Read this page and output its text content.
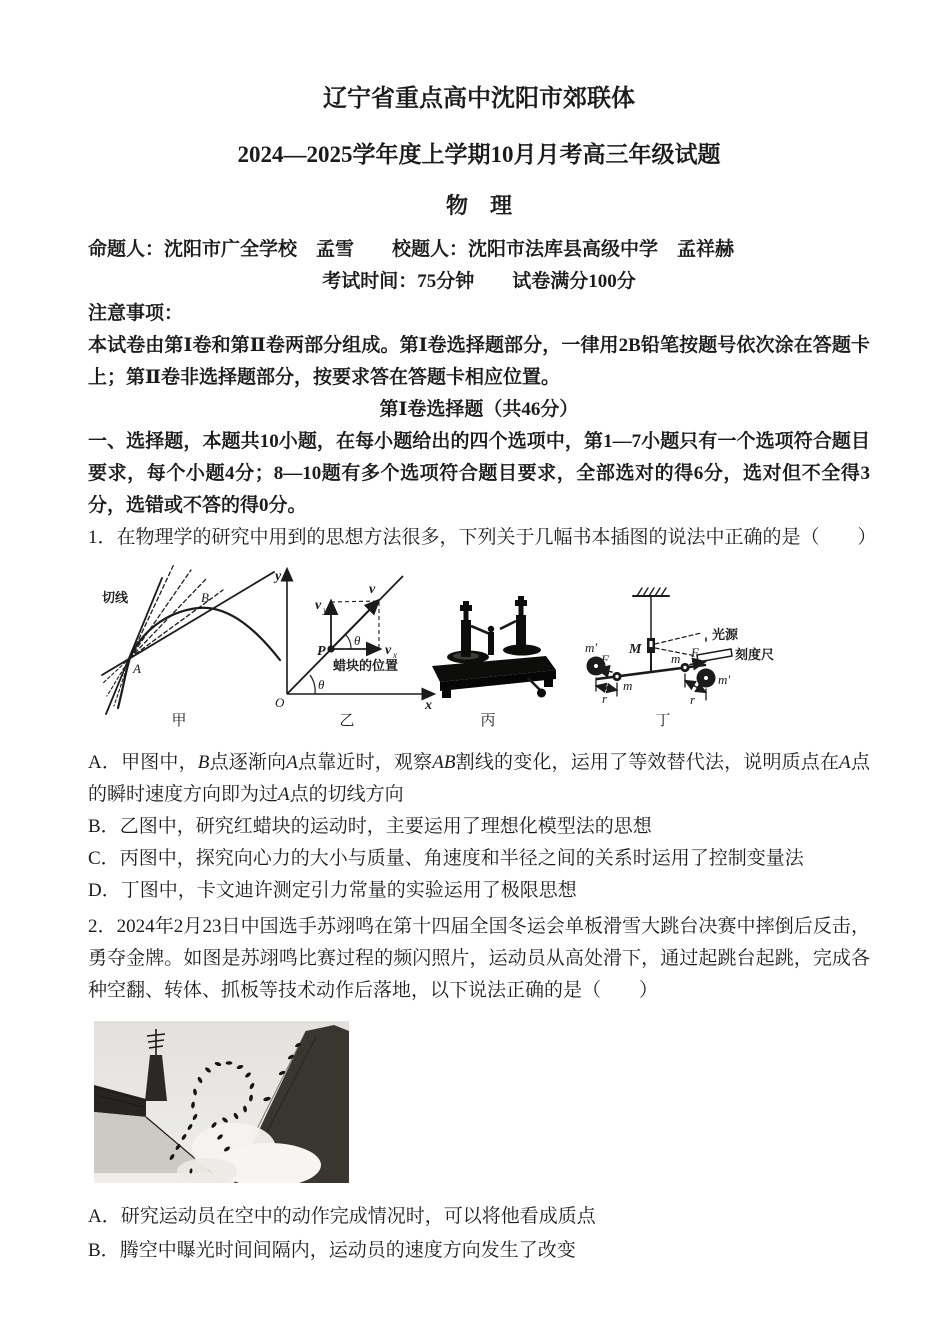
辽宁省重点高中沈阳市郊联体
2024—2025学年度上学期10月月考高三年级试题
物　理

命题人：沈阳市广全学校　孟雪　　校题人：沈阳市法库县高级中学　孟祥赫

考试时间：75分钟　　试卷满分100分

注意事项：

本试卷由第Ⅰ卷和第Ⅱ卷两部分组成。第Ⅰ卷选择题部分，一律用2B铅笔按题号依次涂在答题卡上；第Ⅱ卷非选择题部分，按要求答在答题卡相应位置。

第Ⅰ卷选择题（共46分）

一、选择题，本题共10小题，在每小题给出的四个选项中，第1—7小题只有一个选项符合题目要求，每个小题4分；8—10题有多个选项符合题目要求，全部选对的得6分，选对但不全得3分，选错或不答的得0分。

1．在物理学的研究中用到的思想方法很多，下列关于几幅书本插图的说法中正确的是（　　）

切线
A
B
甲
θ
θ
v y
v x
v
P
O
y
x
蜡块的位置
乙	丙
M
m′
m
m
m′
F	F
r	r
光源
刻度尺
丁

A．甲图中，B点逐渐向A点靠近时，观察AB割线的变化，运用了等效替代法，说明质点在A点的瞬时速度方向即为过A点的切线方向

B．乙图中，研究红蜡块的运动时，主要运用了理想化模型法的思想

C．丙图中，探究向心力的大小与质量、角速度和半径之间的关系时运用了控制变量法

D．丁图中，卡文迪许测定引力常量的实验运用了极限思想

2．2024年2月23日中国选手苏翊鸣在第十四届全国冬运会单板滑雪大跳台决赛中摔倒后反击，勇夺金牌。如图是苏翊鸣比赛过程的频闪照片，运动员从高处滑下，通过起跳台起跳，完成各种空翻、转体、抓板等技术动作后落地，以下说法正确的是（　　）

A．研究运动员在空中的动作完成情况时，可以将他看成质点

B．腾空中曝光时间间隔内，运动员的速度方向发生了改变
